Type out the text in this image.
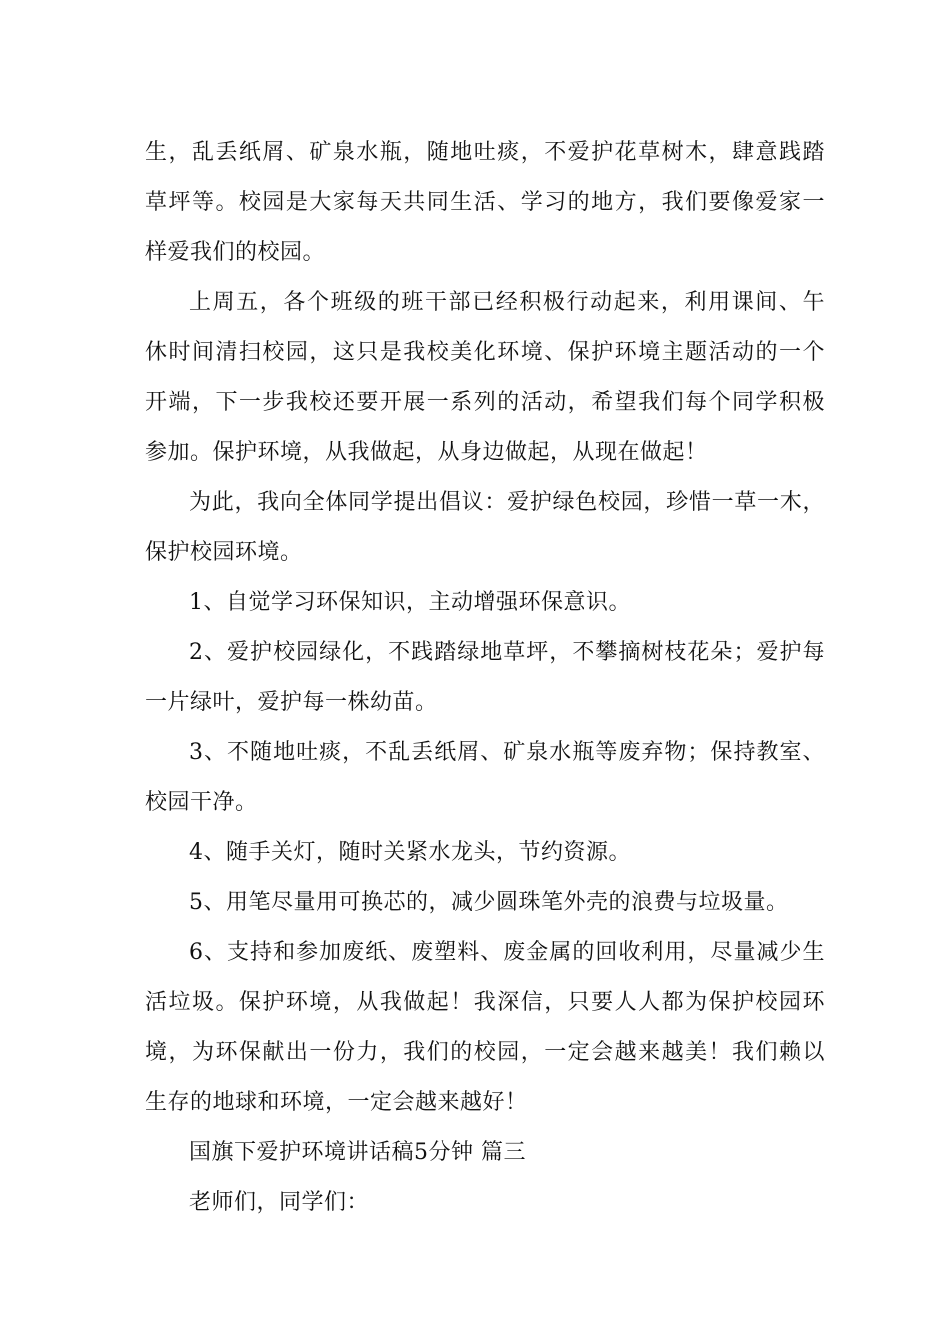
生，乱丢纸屑、矿泉水瓶，随地吐痰，不爱护花草树木，肆意践踏
草坪等。校园是大家每天共同生活、学习的地方，我们要像爱家一
样爱我们的校园。
上周五，各个班级的班干部已经积极行动起来，利用课间、午
休时间清扫校园，这只是我校美化环境、保护环境主题活动的一个
开端，下一步我校还要开展一系列的活动，希望我们每个同学积极
参加。保护环境，从我做起，从身边做起，从现在做起！
为此，我向全体同学提出倡议：爱护绿色校园，珍惜一草一木，
保护校园环境。
1、自觉学习环保知识，主动增强环保意识。
2、爱护校园绿化，不践踏绿地草坪，不攀摘树枝花朵；爱护每
一片绿叶，爱护每一株幼苗。
3、不随地吐痰，不乱丢纸屑、矿泉水瓶等废弃物；保持教室、
校园干净。
4、随手关灯，随时关紧水龙头，节约资源。
5、用笔尽量用可换芯的，减少圆珠笔外壳的浪费与垃圾量。
6、支持和参加废纸、废塑料、废金属的回收利用，尽量减少生
活垃圾。保护环境，从我做起！我深信，只要人人都为保护校园环
境，为环保献出一份力，我们的校园，一定会越来越美！我们赖以
生存的地球和环境，一定会越来越好！
国旗下爱护环境讲话稿5分钟 篇三
老师们，同学们：
